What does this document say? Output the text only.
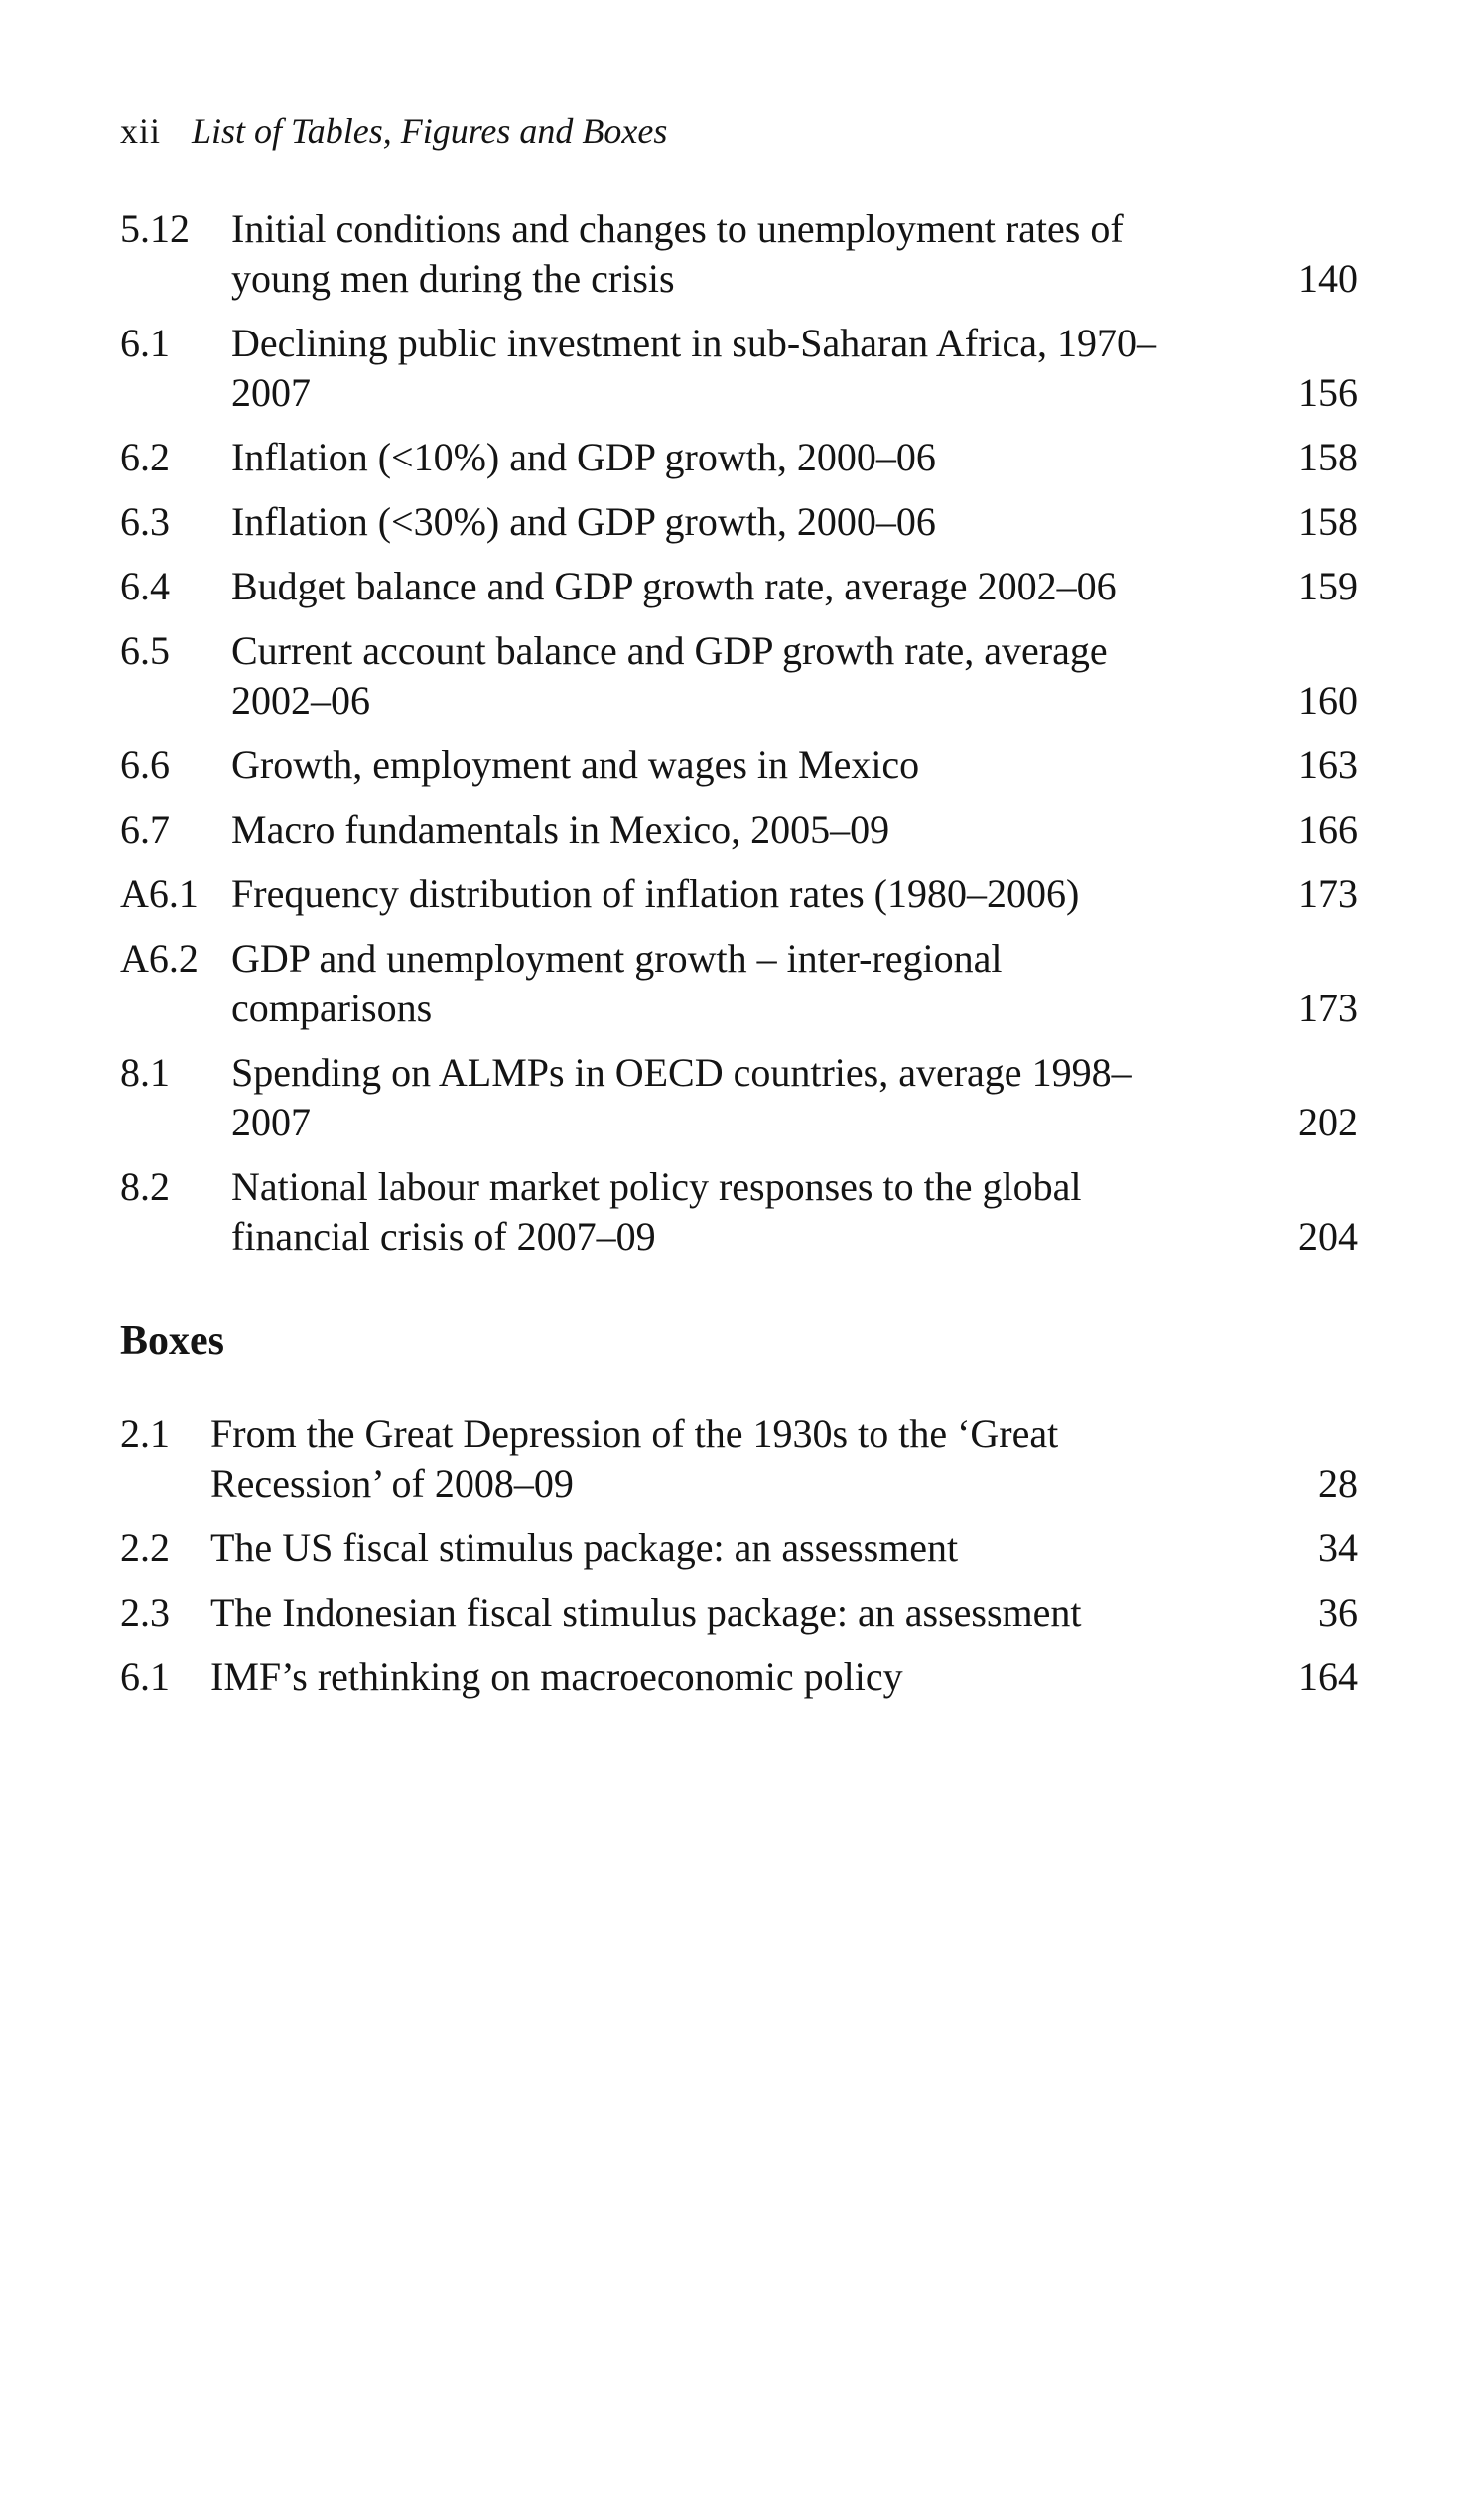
xii List of Tables, Figures and Boxes
5.12 Initial conditions and changes to unemployment rates of young men during the crisis	140
6.1 Declining public investment in sub-Saharan Africa, 1970–2007	156
6.2 Inflation (<10%) and GDP growth, 2000–06	158
6.3 Inflation (<30%) and GDP growth, 2000–06	158
6.4 Budget balance and GDP growth rate, average 2002–06	159
6.5 Current account balance and GDP growth rate, average 2002–06	160
6.6 Growth, employment and wages in Mexico	163
6.7 Macro fundamentals in Mexico, 2005–09	166
A6.1 Frequency distribution of inflation rates (1980–2006)	173
A6.2 GDP and unemployment growth – inter-regional comparisons	173
8.1 Spending on ALMPs in OECD countries, average 1998–2007	202
8.2 National labour market policy responses to the global financial crisis of 2007–09	204
Boxes
2.1 From the Great Depression of the 1930s to the ‘Great Recession’ of 2008–09	28
2.2 The US fiscal stimulus package: an assessment	34
2.3 The Indonesian fiscal stimulus package: an assessment	36
6.1 IMF’s rethinking on macroeconomic policy	164
